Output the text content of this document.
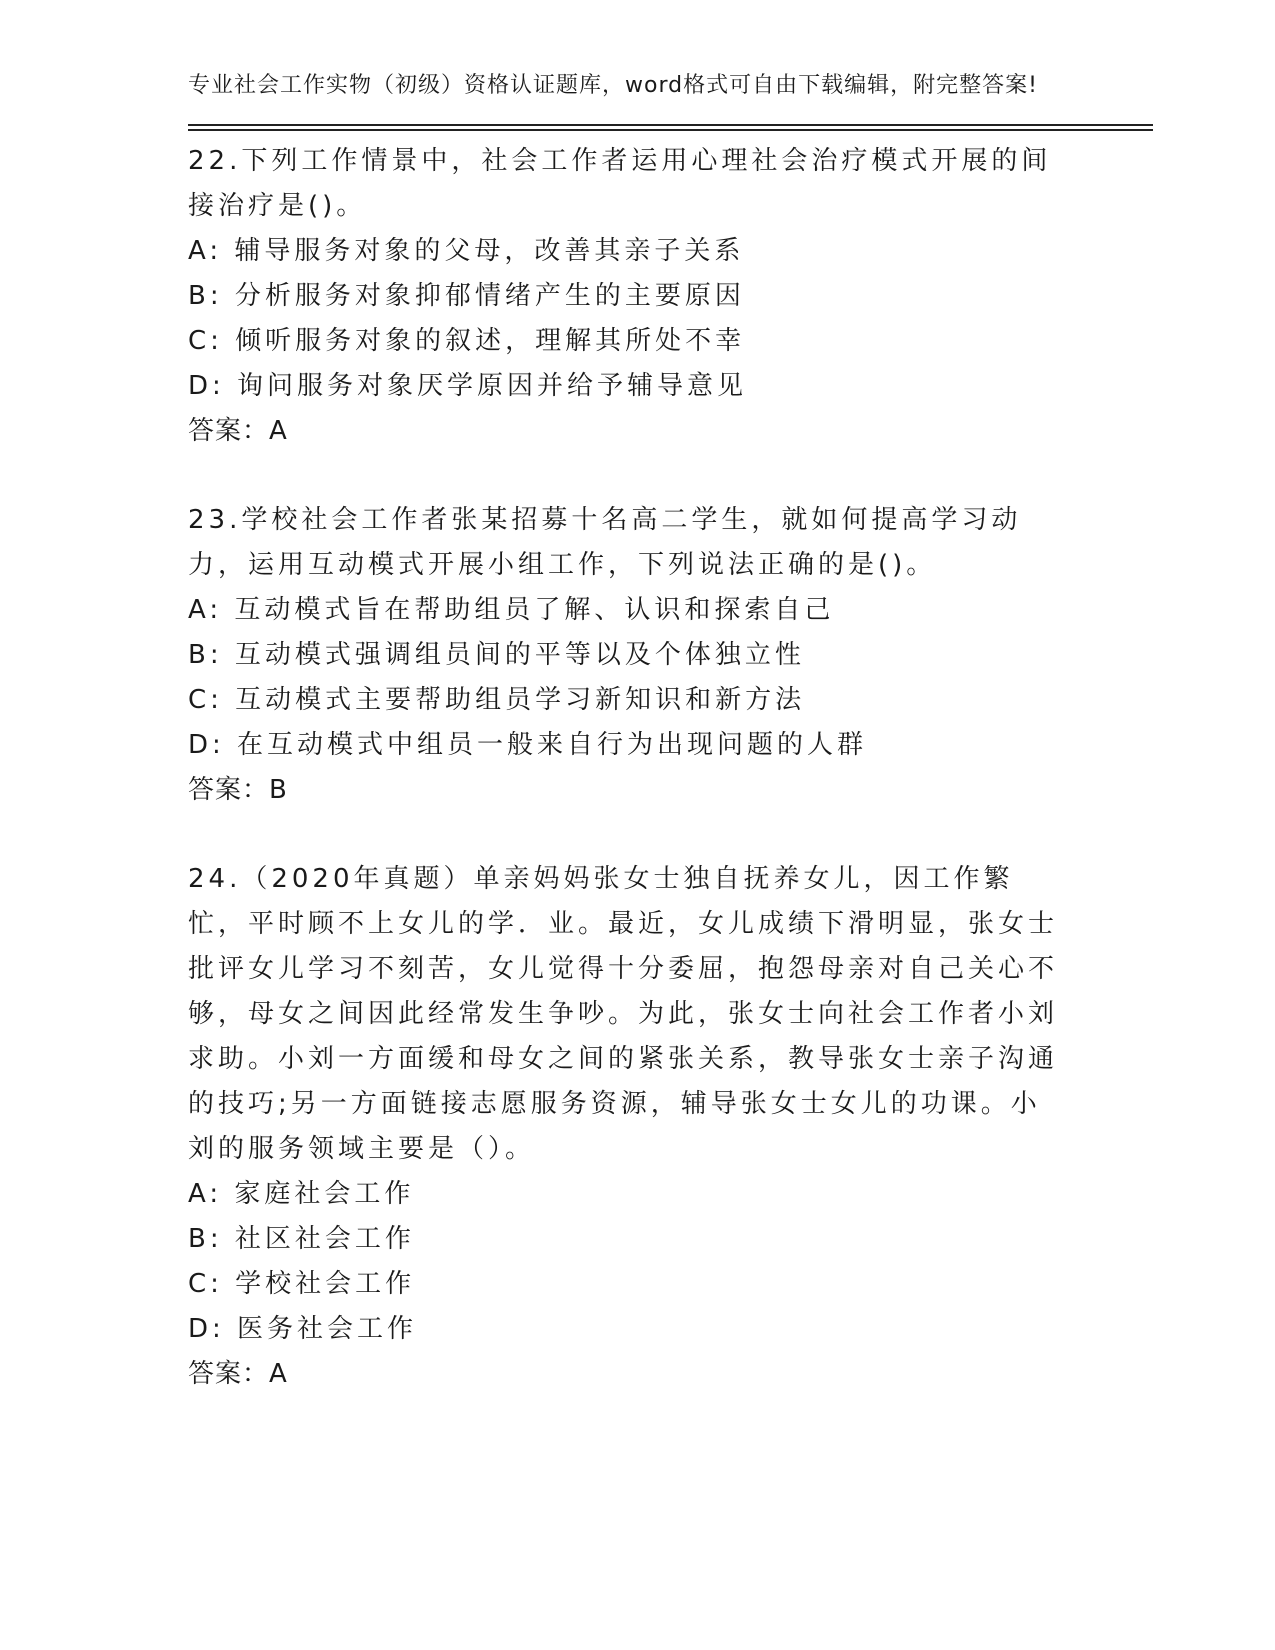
专业社会工作实物（初级）资格认证题库，word格式可自由下载编辑，附完整答案!

22.下列工作情景中，社会工作者运用心理社会治疗模式开展的间接治疗是()。

A: 辅导服务对象的父母，改善其亲子关系

B: 分析服务对象抑郁情绪产生的主要原因

C: 倾听服务对象的叙述，理解其所处不幸

D: 询问服务对象厌学原因并给予辅导意见

答案：A

23.学校社会工作者张某招募十名高二学生，就如何提高学习动力，运用互动模式开展小组工作，下列说法正确的是()。

A: 互动模式旨在帮助组员了解、认识和探索自己

B: 互动模式强调组员间的平等以及个体独立性

C: 互动模式主要帮助组员学习新知识和新方法

D: 在互动模式中组员一般来自行为出现问题的人群

答案：B

24.（2020年真题）单亲妈妈张女士独自抚养女儿，因工作繁忙，平时顾不上女儿的学．业。最近，女儿成绩下滑明显，张女士批评女儿学习不刻苦，女儿觉得十分委屈，抱怨母亲对自己关心不够，母女之间因此经常发生争吵。为此，张女士向社会工作者小刘求助。小刘一方面缓和母女之间的紧张关系，教导张女士亲子沟通的技巧;另一方面链接志愿服务资源，辅导张女士女儿的功课。小刘的服务领域主要是（）。

A: 家庭社会工作

B: 社区社会工作

C: 学校社会工作

D: 医务社会工作

答案：A
